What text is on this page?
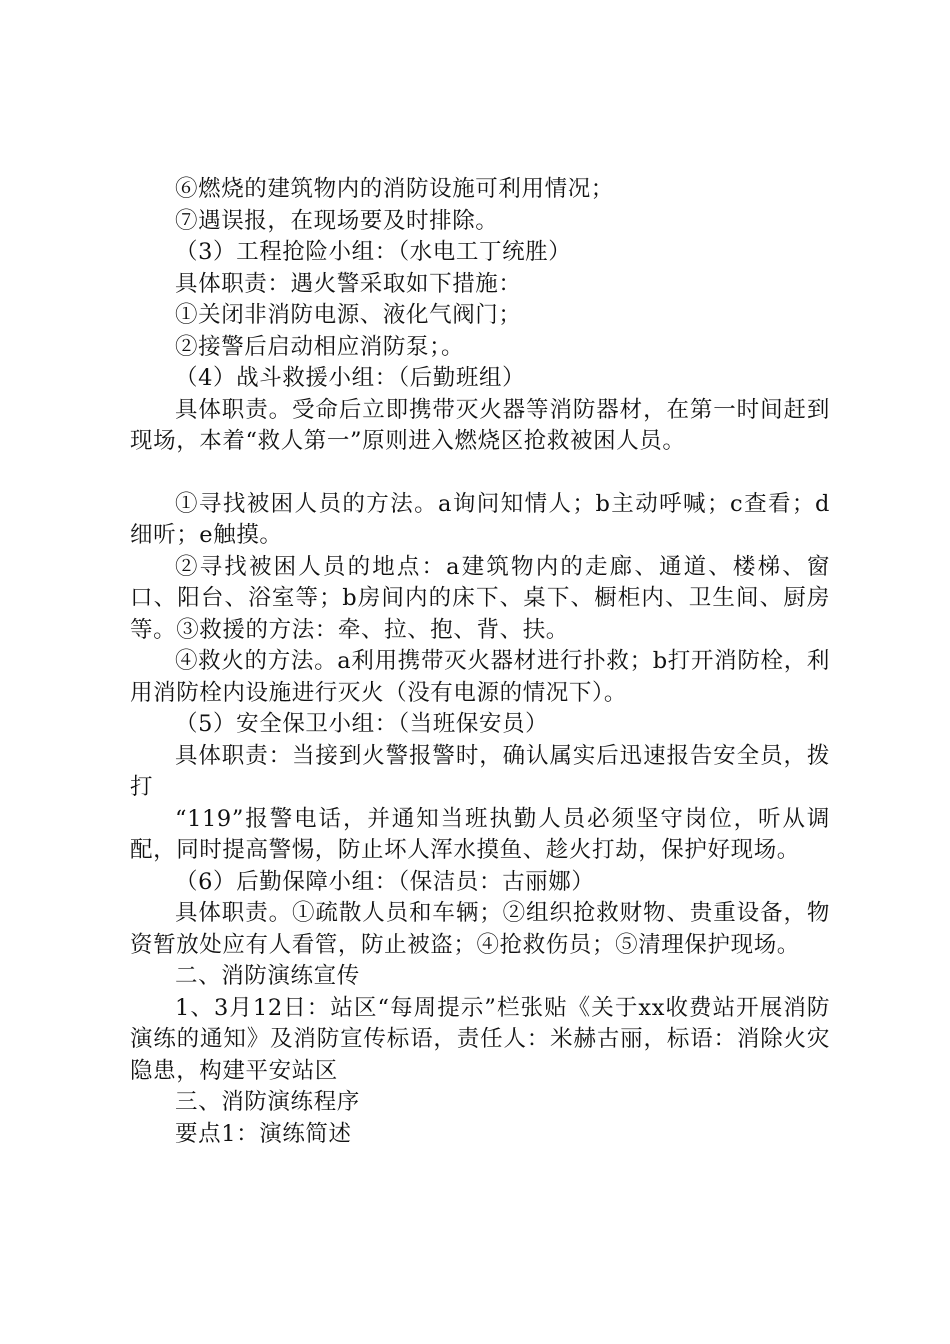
⑥燃烧的建筑物内的消防设施可利用情况；

⑦遇误报，在现场要及时排除。

（3）工程抢险小组：（水电工丁统胜）

具体职责：遇火警采取如下措施：

①关闭非消防电源、液化气阀门；

②接警后启动相应消防泵；。

（4）战斗救援小组：（后勤班组）

具体职责。受命后立即携带灭火器等消防器材，在第一时间赶到现场，本着“救人第一”原则进入燃烧区抢救被困人员。

①寻找被困人员的方法。a询问知情人；b主动呼喊；c查看；d细听；e触摸。

②寻找被困人员的地点：a建筑物内的走廊、通道、楼梯、窗口、阳台、浴室等；b房间内的床下、桌下、橱柜内、卫生间、厨房等。③救援的方法：牵、拉、抱、背、扶。

④救火的方法。a利用携带灭火器材进行扑救；b打开消防栓，利用消防栓内设施进行灭火（没有电源的情况下）。

（5）安全保卫小组：（当班保安员）

具体职责：当接到火警报警时，确认属实后迅速报告安全员，拨打

“119”报警电话，并通知当班执勤人员必须坚守岗位，听从调配，同时提高警惕，防止坏人浑水摸鱼、趁火打劫，保护好现场。

（6）后勤保障小组：（保洁员：古丽娜）

具体职责。①疏散人员和车辆；②组织抢救财物、贵重设备，物资暂放处应有人看管，防止被盗；④抢救伤员；⑤清理保护现场。

二、消防演练宣传

1、3月12日：站区“每周提示”栏张贴《关于xx收费站开展消防演练的通知》及消防宣传标语，责任人：米赫古丽，标语：消除火灾隐患，构建平安站区

三、消防演练程序

要点1：演练简述
